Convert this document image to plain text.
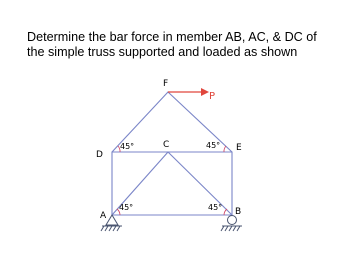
Determine the bar force in member AB, AC, & DC of the simple truss supported and loaded as shown

F
P
D
C	E
A	B
45°	45°
45°	45°
